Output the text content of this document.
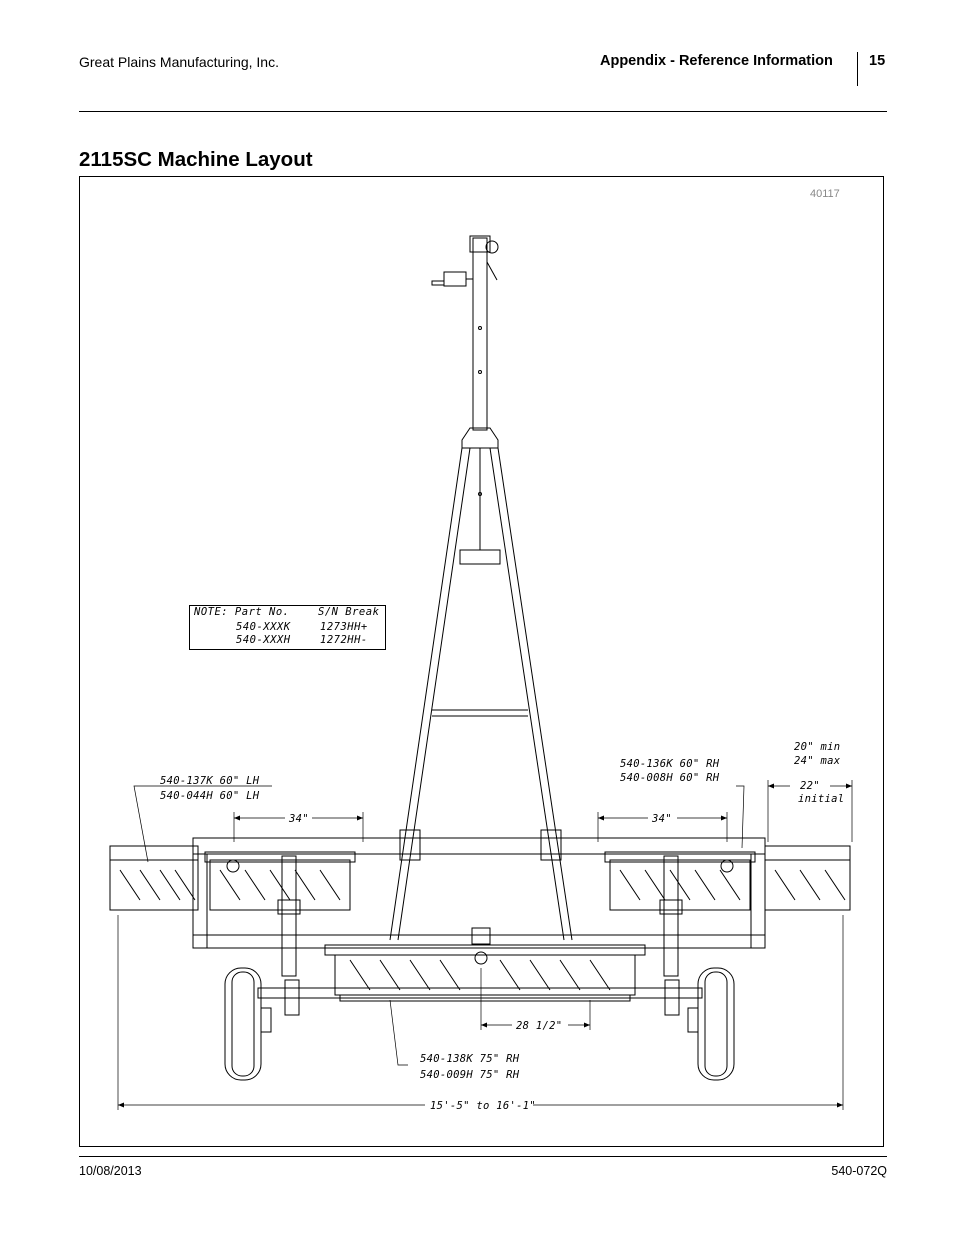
Great Plains Manufacturing, Inc.	Appendix - Reference Information 15
2115SC Machine Layout
40117
34"	34"
28 1/2"
15'-5" to 16'-1"
540-137K 60" LH
540-044H 60" LH
540-136K 60" RH
540-008H 60" RH
540-138K 75" RH
540-009H 75" RH
20" min
24" max
22"
initial
NOTE: Part No.	S/N Break
540-XXXK	1273HH+
540-XXXH	1272HH-
10/08/2013	540-072Q
